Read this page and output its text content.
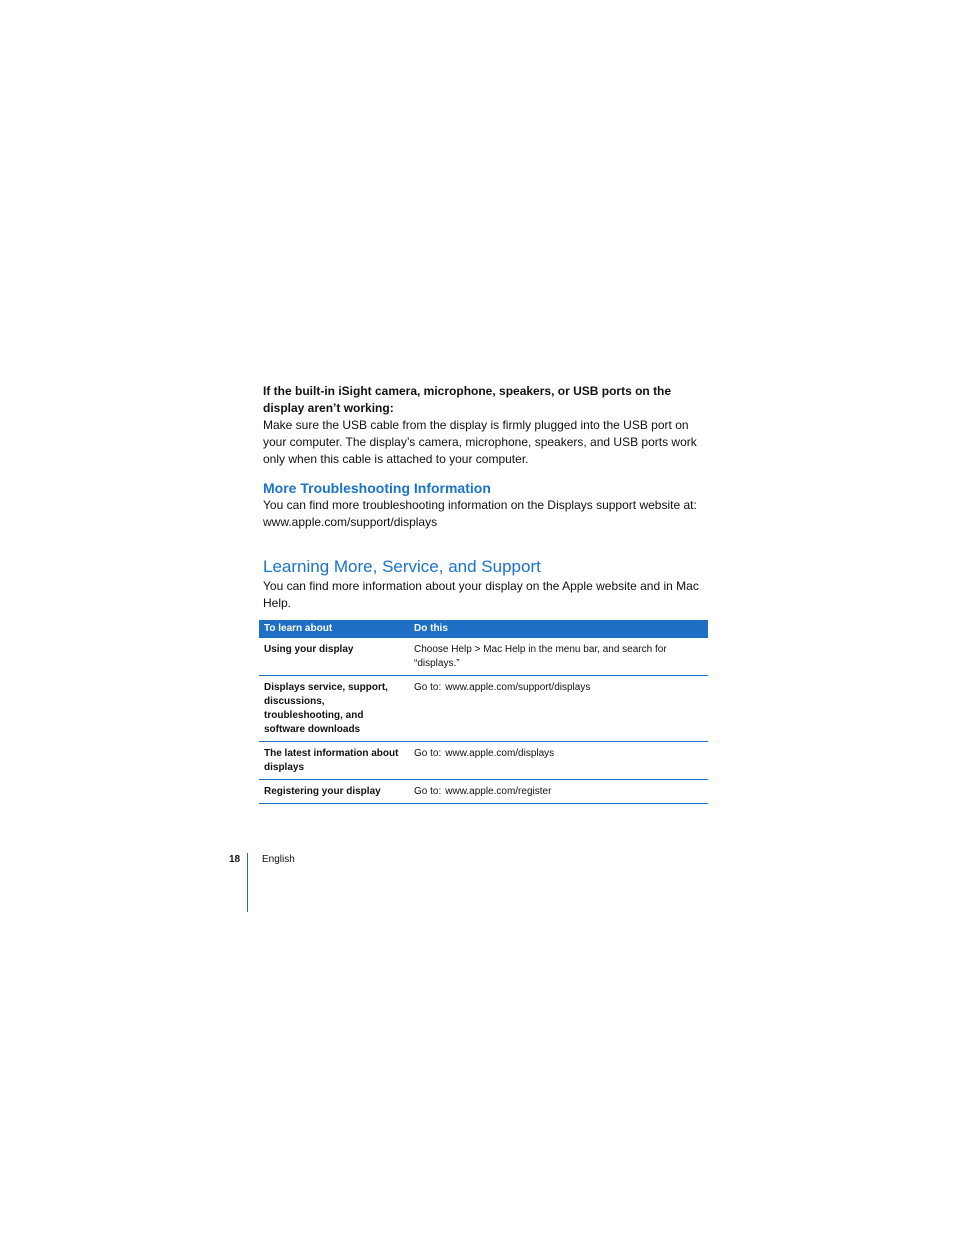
If the built-in iSight camera, microphone, speakers, or USB ports on the display aren’t working:

Make sure the USB cable from the display is firmly plugged into the USB port on your computer. The display’s camera, microphone, speakers, and USB ports work only when this cable is attached to your computer.

More Troubleshooting Information

You can find more troubleshooting information on the Displays support website at:

www.apple.com/support/displays

Learning More, Service, and Support

You can find more information about your display on the Apple website and in Mac Help.

To learn about	Do this
Using your display	Choose Help > Mac Help in the menu bar, and search for “displays.”
Displays service, support, discussions, troubleshooting, and software downloads	Go to: www.apple.com/support/displays
The latest information about displays	Go to: www.apple.com/displays
Registering your display	Go to: www.apple.com/register
18 English
